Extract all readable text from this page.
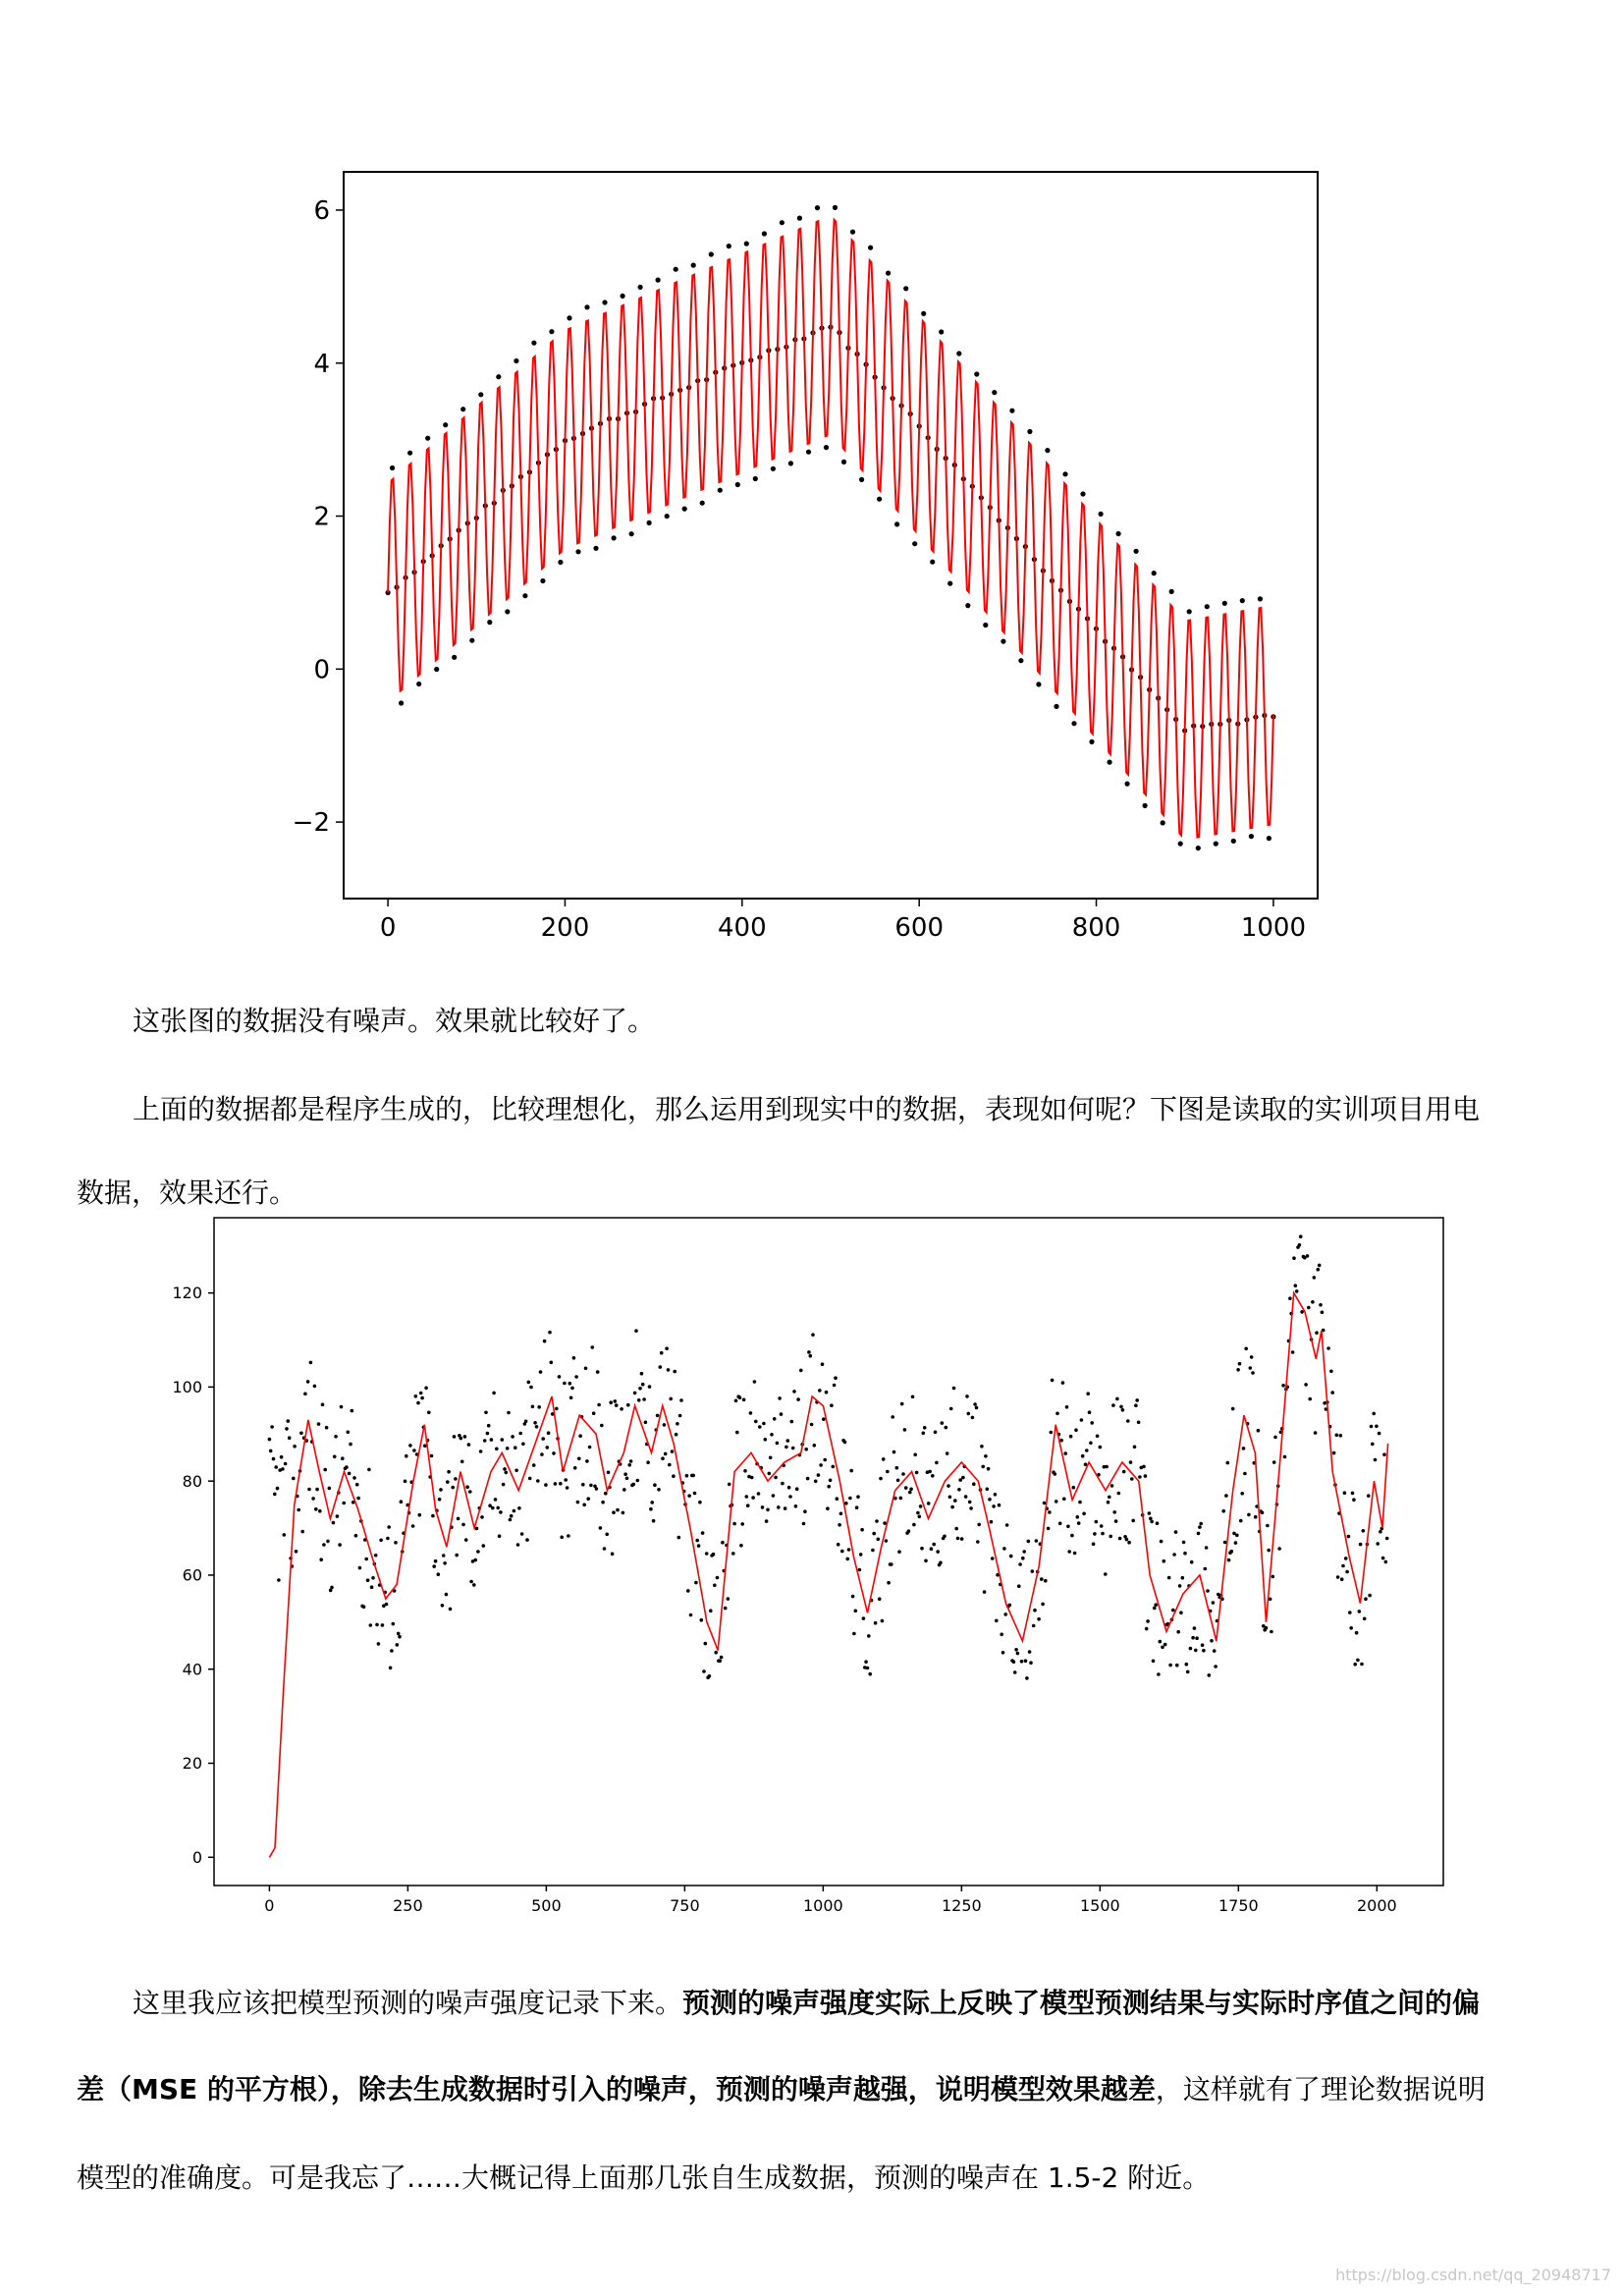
0	200	400	600	800	1000
−2
0
2
4
6

这张图的数据没有噪声。效果就比较好了。

上面的数据都是程序生成的，比较理想化，那么运用到现实中的数据，表现如何呢？下图是读取的实训项目用电

数据，效果还行。

0	250	500	750	1000	1250	1500	1750	2000
0
20
40
60
80
100
120

这里我应该把模型预测的噪声强度记录下来。预测的噪声强度实际上反映了模型预测结果与实际时序值之间的偏

差（MSE 的平方根），除去生成数据时引入的噪声，预测的噪声越强，说明模型效果越差，这样就有了理论数据说明

模型的准确度。可是我忘了……大概记得上面那几张自生成数据，预测的噪声在 1.5-2 附近。

https://blog.csdn.net/qq_20948717
